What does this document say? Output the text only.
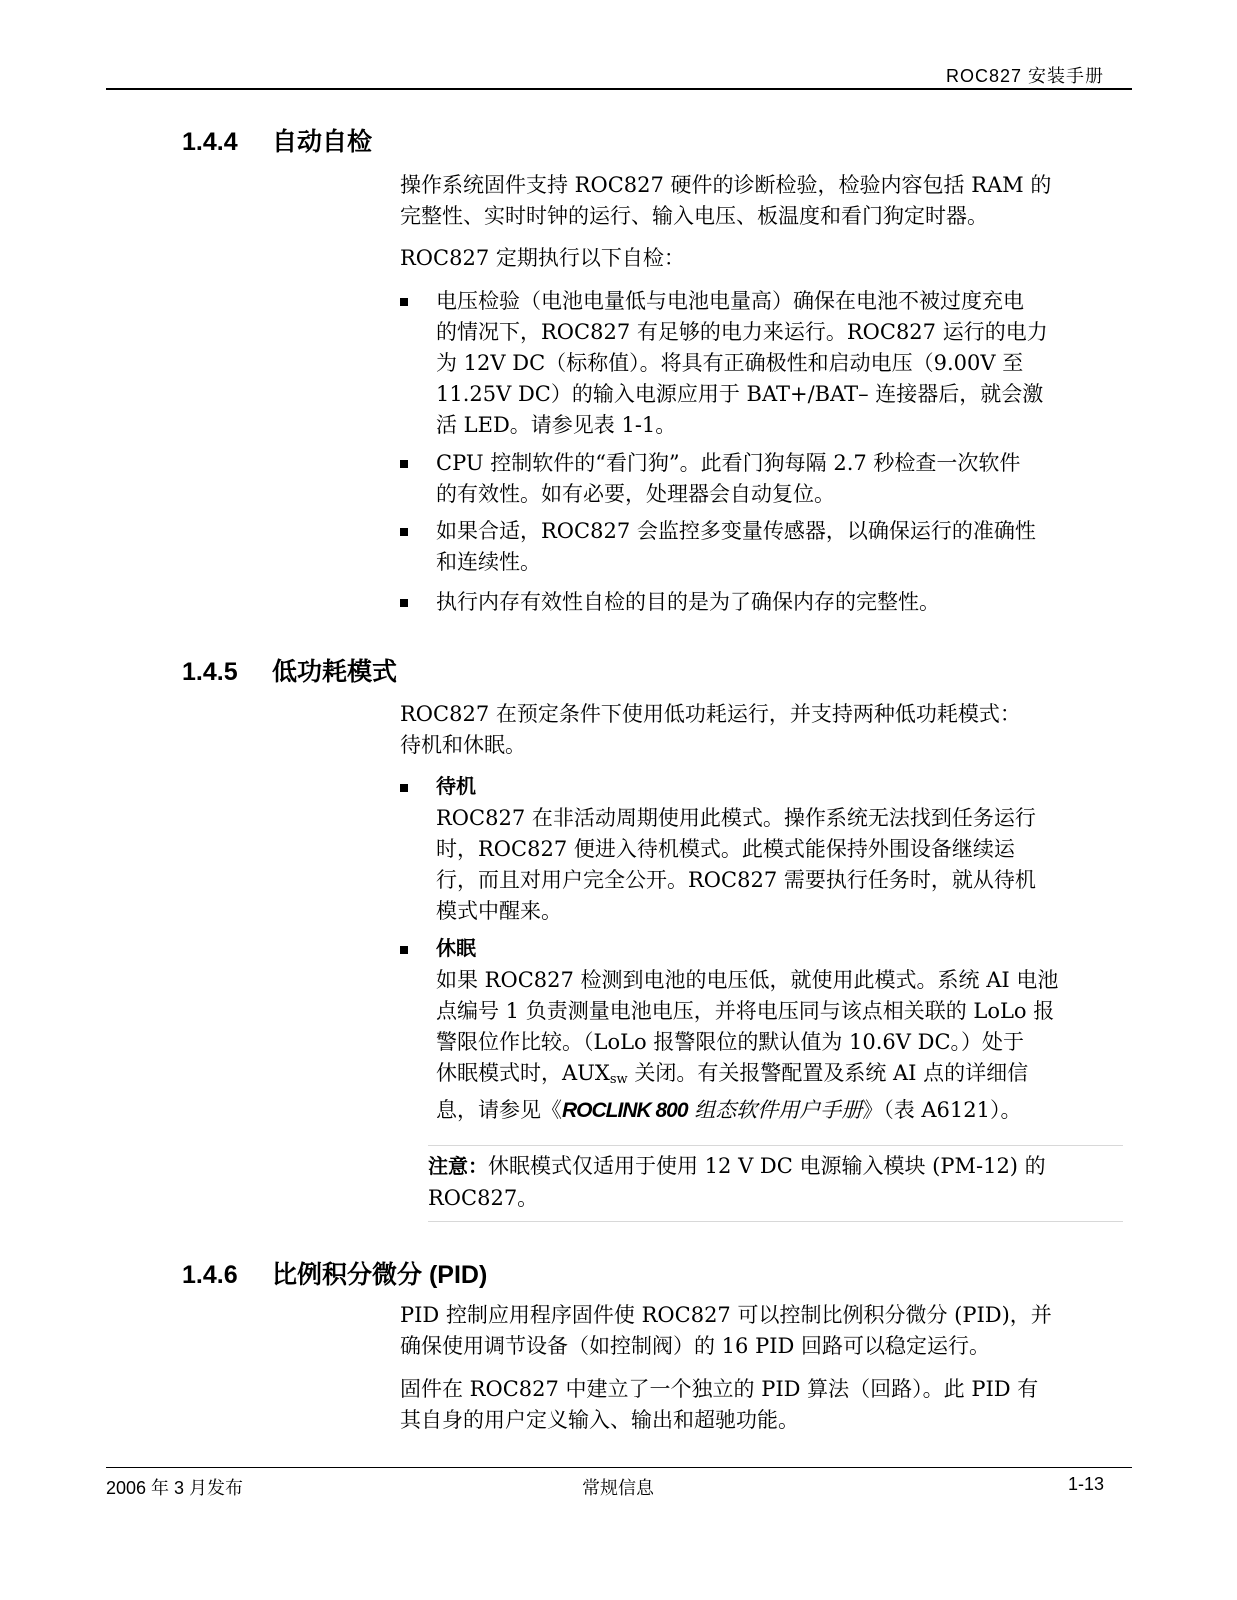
ROC827 安装手册
1.4.4 自动自检

操作系统固件支持 ROC827 硬件的诊断检验，检验内容包括 RAM 的
完整性、实时时钟的运行、输入电压、板温度和看门狗定时器。

ROC827 定期执行以下自检：

电压检验（电池电量低与电池电量高）确保在电池不被过度充电
的情况下，ROC827 有足够的电力来运行。ROC827 运行的电力
为 12V DC（标称值）。将具有正确极性和启动电压（9.00V 至
11.25V DC）的输入电源应用于 BAT+/BAT– 连接器后，就会激
活 LED。请参见表 1-1。
CPU 控制软件的“看门狗”。此看门狗每隔 2.7 秒检查一次软件
的有效性。如有必要，处理器会自动复位。
如果合适，ROC827 会监控多变量传感器，以确保运行的准确性
和连续性。
执行内存有效性自检的目的是为了确保内存的完整性。
1.4.5 低功耗模式

ROC827 在预定条件下使用低功耗运行，并支持两种低功耗模式：
待机和休眠。

待机
ROC827 在非活动周期使用此模式。操作系统无法找到任务运行
时，ROC827 便进入待机模式。此模式能保持外围设备继续运
行，而且对用户完全公开。ROC827 需要执行任务时，就从待机
模式中醒来。
休眠
如果 ROC827 检测到电池的电压低，就使用此模式。系统 AI 电池
点编号 1 负责测量电池电压，并将电压同与该点相关联的 LoLo 报
警限位作比较。（LoLo 报警限位的默认值为 10.6V DC。）处于
休眠模式时，$AUX_{sw}$ 关闭。有关报警配置及系统 AI 点的详细信
息，请参见《ROCLINK 800 组态软件用户手册》（表 A6121）。
注意：休眠模式仅适用于使用 12 V DC 电源输入模块 (PM-12) 的
ROC827。
1.4.6 比例积分微分 (PID)

PID 控制应用程序固件使 ROC827 可以控制比例积分微分 (PID)，并
确保使用调节设备（如控制阀）的 16 PID 回路可以稳定运行。

固件在 ROC827 中建立了一个独立的 PID 算法（回路）。此 PID 有
其自身的用户定义输入、输出和超驰功能。

2006 年 3 月发布	常规信息	1-13
